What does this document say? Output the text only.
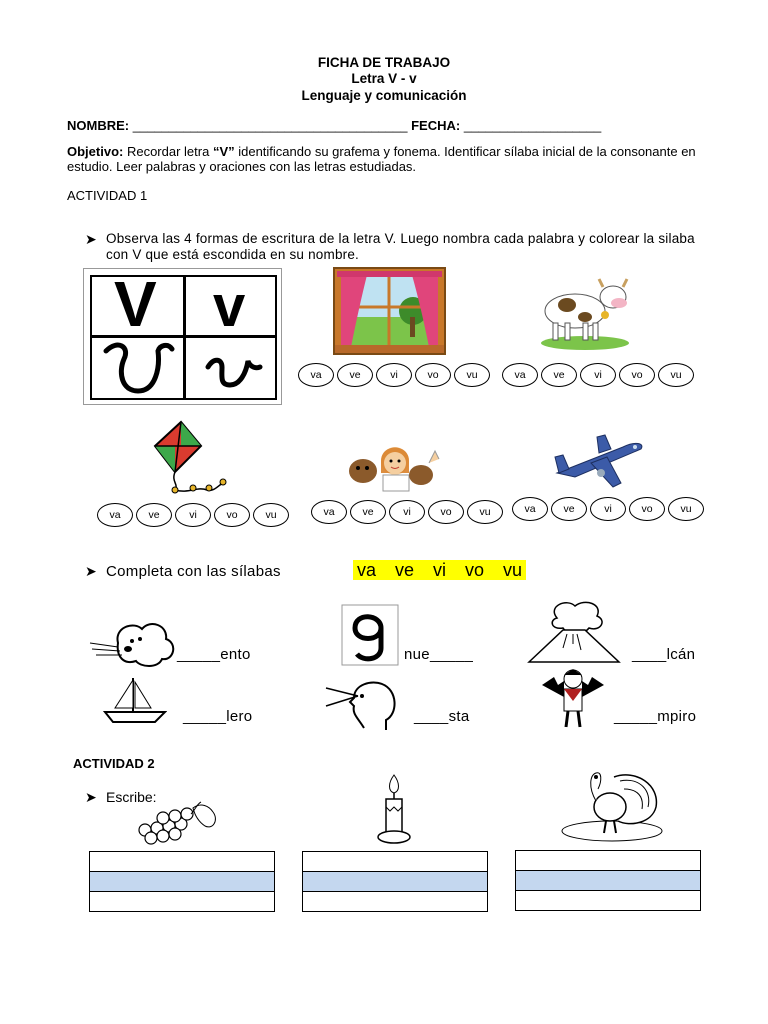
FICHA DE TRABAJO
Letra V - v
Lenguaje y comunicación
NOMBRE: ______________________________________ FECHA: ___________________
Objetivo: Recordar letra “V” identificando su grafema y fonema. Identificar sílaba inicial de la consonante en estudio. Leer palabras y oraciones con las letras estudiadas.
ACTIVIDAD 1
➤ Observa las 4 formas de escritura de la letra V. Luego nombra cada palabra y colorear la silaba con V que está escondida en su nombre.
V v
va	ve	vi	vo	vu	va	ve	vi	vo	vu
va	ve	vi	vo	vu	va	ve	vi	vo	vu	va	ve	vi	vo	vu
➤ Completa con las sílabas	va ve vi vo vu
_____ento	nue_____	____lcán
_____lero	____sta	_____mpiro
ACTIVIDAD 2
➤ Escribe:
